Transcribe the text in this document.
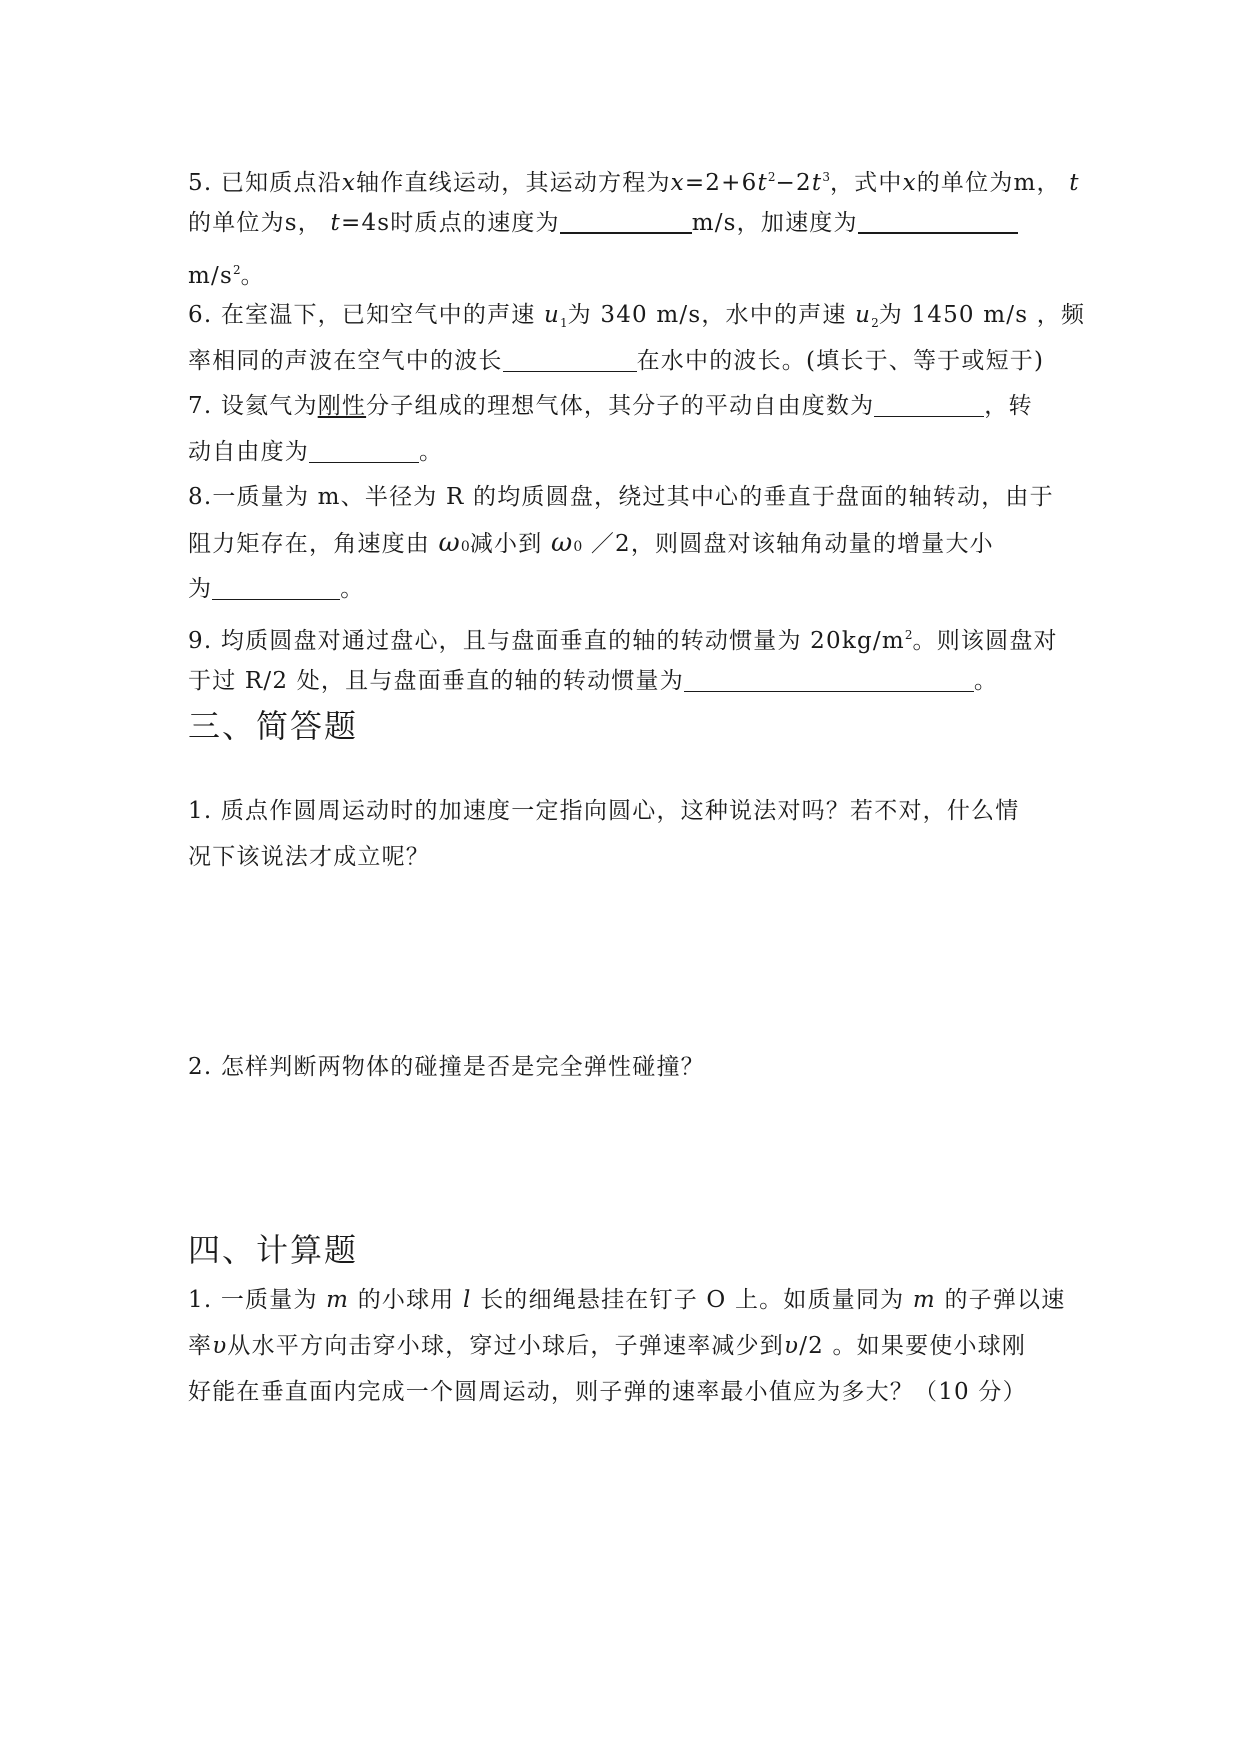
5. 已知质点沿x轴作直线运动，其运动方程为$x=2+6t^2-2t^3$，式中x的单位为m， t
的单位为s， t=4s时质点的速度为	m/s，加速度为
$m/s^2$。
6. 在室温下，已知空气中的声速 $u_1$为 340 m/s，水中的声速 $u_2$为 1450 m/s ，频
率相同的声波在空气中的波长	在水中的波长。(填长于、等于或短于)
7. 设氦气为刚性分子组成的理想气体，其分子的平动自由度数为	，转
动自由度为	。
8.一质量为 m、半径为 R 的均质圆盘，绕过其中心的垂直于盘面的轴转动，由于
阻力矩存在，角速度由 ω0减小到 ω0 ／2，则圆盘对该轴角动量的增量大小
为	。
9. 均质圆盘对通过盘心，且与盘面垂直的轴的转动惯量为 $20kg/m^2$。则该圆盘对
于过 R/2 处，且与盘面垂直的轴的转动惯量为	。
三、简答题
1. 质点作圆周运动时的加速度一定指向圆心，这种说法对吗？若不对，什么情
况下该说法才成立呢？
2. 怎样判断两物体的碰撞是否是完全弹性碰撞？
四、计算题
1. 一质量为 m 的小球用 l 长的细绳悬挂在钉子 O 上。如质量同为 m 的子弹以速
率υ从水平方向击穿小球，穿过小球后，子弹速率减少到υ/2 。如果要使小球刚
好能在垂直面内完成一个圆周运动，则子弹的速率最小值应为多大？（10 分）
